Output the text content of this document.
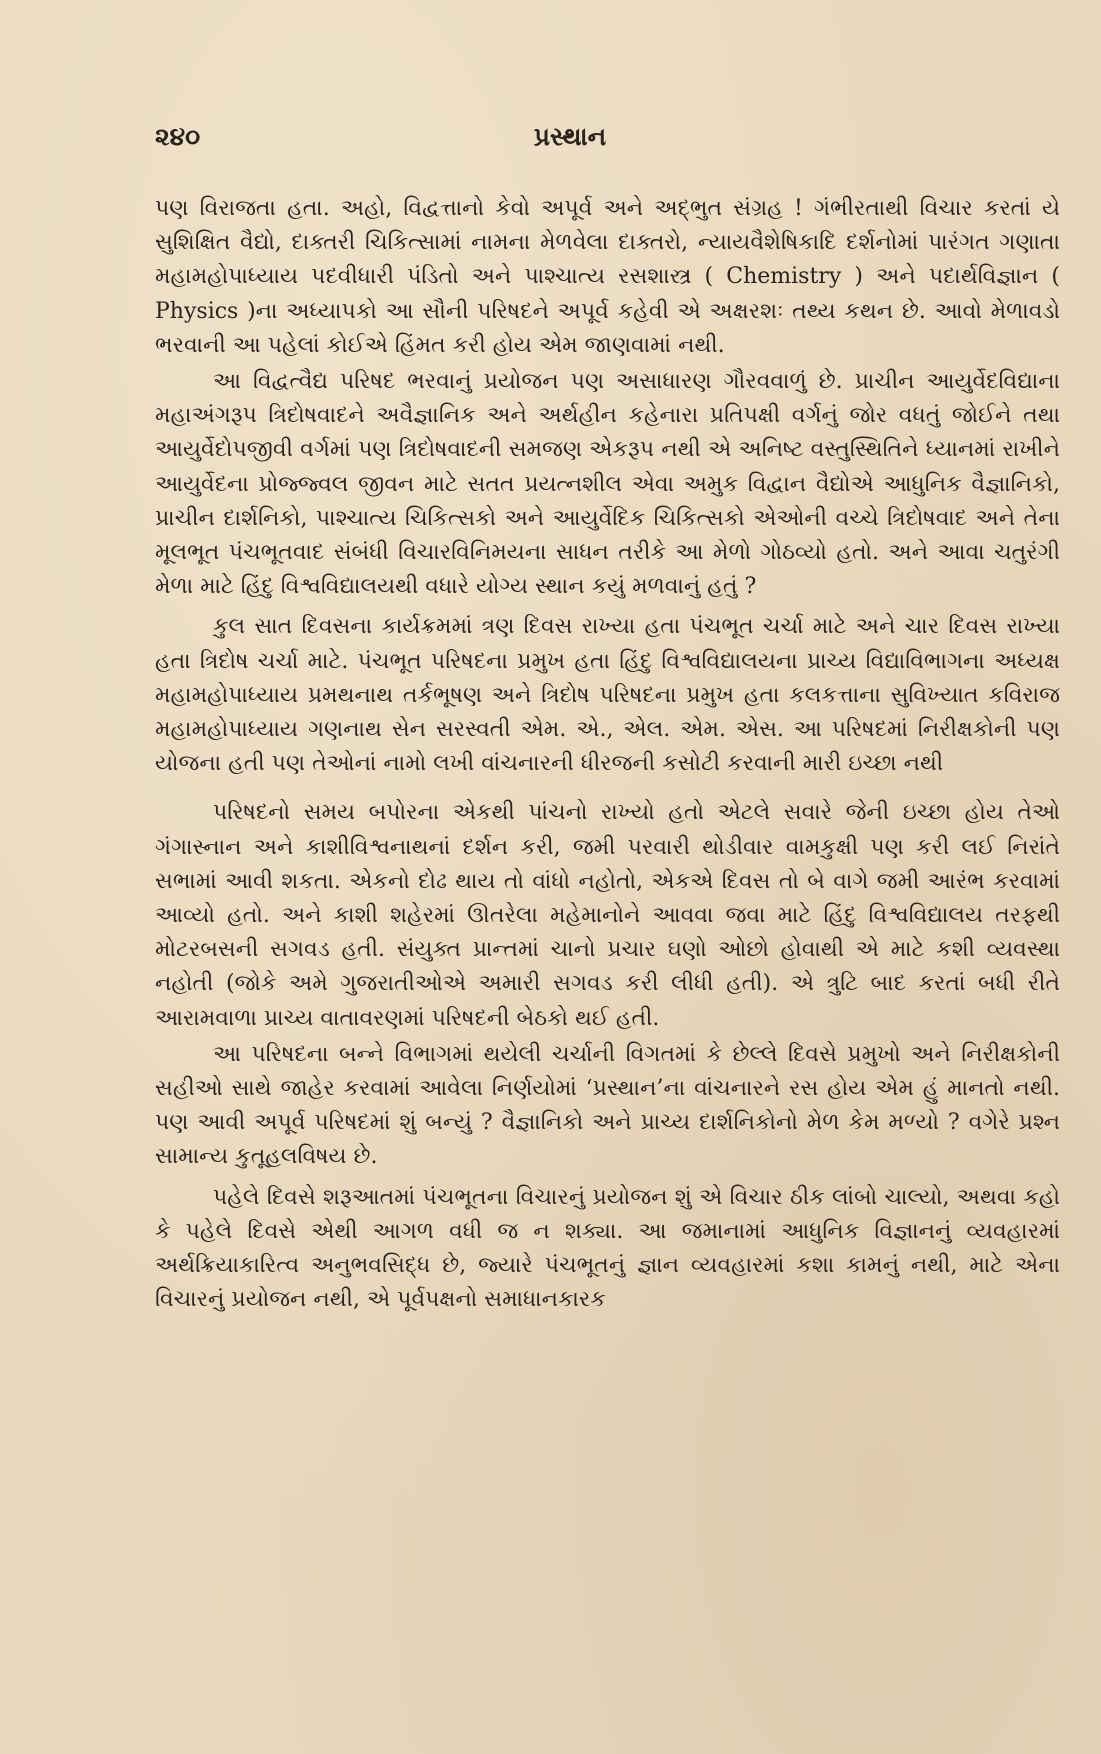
૨૪૦	પ્રસ્થાન

પણ વિરાજતા હતા. અહો, વિદ્વત્તાનો કેવો અપૂર્વ અને અદ્ભુત સંગ્રહ ! ગંભીરતાથી વિચાર કરતાં યે સુશિક્ષિત વૈદ્યો, દાક્તરી ચિકિત્સામાં નામના મેળવેલા દાક્તરો, ન્યાયવૈશેષિકાદિ દર્શનોમાં પારંગત ગણાતા મહામહોપાધ્યાય પદવીધારી પંડિતો અને પાશ્ચાત્ય રસશાસ્ત્ર ( Chemistry ) અને પદાર્થવિજ્ઞાન ( Physics )ના અધ્યાપકો આ સૌની પરિષદને અપૂર્વ કહેવી એ અક્ષરશઃ તથ્ય કથન છે. આવો મેળાવડો ભરવાની આ પહેલાં કોઈએ હિંમત કરી હોય એમ જાણવામાં નથી.

આ વિદ્વત્વૈદ્ય પરિષદ ભરવાનું પ્રયોજન પણ અસાધારણ ગૌરવવાળું છે. પ્રાચીન આયુર્વેદવિદ્યાના મહાઅંગરૂપ ત્રિદોષવાદને અવૈજ્ઞાનિક અને અર્થહીન કહેનારા પ્રતિપક્ષી વર્ગનું જોર વધતું જોઈને તથા આયુર્વેદોપજીવી વર્ગમાં પણ ત્રિદોષવાદની સમજણ એકરૂપ નથી એ અનિષ્ટ વસ્તુસ્થિતિને ધ્યાનમાં રાખીને આયુર્વેદના પ્રોજ્જ્વલ જીવન માટે સતત પ્રયત્નશીલ એવા અમુક વિદ્વાન વૈદ્યોએ આધુનિક વૈજ્ઞાનિકો, પ્રાચીન દાર્શનિકો, પાશ્ચાત્ય ચિકિત્સકો અને આયુર્વેદિક ચિકિત્સકો એઓની વચ્ચે ત્રિદોષવાદ અને તેના મૂલભૂત પંચભૂતવાદ સંબંધી વિચારવિનિમયના સાધન તરીકે આ મેળો ગોઠવ્યો હતો. અને આવા ચતુરંગી મેળા માટે હિંદુ વિશ્વવિદ્યાલયથી વધારે યોગ્ય સ્થાન કયું મળવાનું હતું ?

કુલ સાત દિવસના કાર્યક્રમમાં ત્રણ દિવસ રાખ્યા હતા પંચભૂત ચર્ચા માટે અને ચાર દિવસ રાખ્યા હતા ત્રિદોષ ચર્ચા માટે. પંચભૂત પરિષદના પ્રમુખ હતા હિંદુ વિશ્વવિદ્યાલયના પ્રાચ્ય વિદ્યાવિભાગના અધ્યક્ષ મહામહોપાધ્યાય પ્રમથનાથ તર્કભૂષણ અને ત્રિદોષ પરિષદના પ્રમુખ હતા કલકત્તાના સુવિખ્યાત કવિરાજ મહામહોપાધ્યાય ગણનાથ સેન સરસ્વતી એમ. એ., એલ. એમ. એસ. આ પરિષદમાં નિરીક્ષકોની પણ યોજના હતી પણ તેઓનાં નામો લખી વાંચનારની ધીરજની કસોટી કરવાની મારી ઇચ્છા નથી

પરિષદનો સમય બપોરના એકથી પાંચનો રાખ્યો હતો એટલે સવારે જેની ઇચ્છા હોય તેઓ ગંગાસ્નાન અને કાશીવિશ્વનાથનાં દર્શન કરી, જમી પરવારી થોડીવાર વામકુક્ષી પણ કરી લઈ નિરાંતે સભામાં આવી શકતા. એકનો દોઢ થાય તો વાંધો નહોતો, એકએ દિવસ તો બે વાગે જમી આરંભ કરવામાં આવ્યો હતો. અને કાશી શહેરમાં ઊતરેલા મહેમાનોને આવવા જવા માટે હિંદુ વિશ્વવિદ્યાલય તરફથી મોટરબસની સગવડ હતી. સંયુક્ત પ્રાન્તમાં ચાનો પ્રચાર ઘણો ઓછો હોવાથી એ માટે કશી વ્યવસ્થા નહોતી (જોકે અમે ગુજરાતીઓએ અમારી સગવડ કરી લીધી હતી). એ ત્રુટિ બાદ કરતાં બધી રીતે આરામવાળા પ્રાચ્ય વાતાવરણમાં પરિષદની બેઠકો થઈ હતી.

આ પરિષદના બન્ને વિભાગમાં થયેલી ચર્ચાની વિગતમાં કે છેલ્લે દિવસે પ્રમુખો અને નિરીક્ષકોની સહીઓ સાથે જાહેર કરવામાં આવેલા નિર્ણયોમાં ‘પ્રસ્થાન’ના વાંચનારને રસ હોય એમ હું માનતો નથી. પણ આવી અપૂર્વ પરિષદમાં શું બન્યું ? વૈજ્ઞાનિકો અને પ્રાચ્ય દાર્શનિકોનો મેળ કેમ મળ્યો ? વગેરે પ્રશ્ન સામાન્ય કુતૂહલવિષય છે.

પહેલે દિવસે શરૂઆતમાં પંચભૂતના વિચારનું પ્રયોજન શું એ વિચાર ઠીક લાંબો ચાલ્યો, અથવા કહો કે પહેલે દિવસે એથી આગળ વધી જ ન શક્યા. આ જમાનામાં આધુનિક વિજ્ઞાનનું વ્યવહારમાં અર્થક્રિયાકારિત્વ અનુભવસિદ્ધ છે, જ્યારે પંચભૂતનું જ્ઞાન વ્યવહારમાં કશા કામનું નથી, માટે એના વિચારનું પ્રયોજન નથી, એ પૂર્વપક્ષનો સમાધાનકારક
